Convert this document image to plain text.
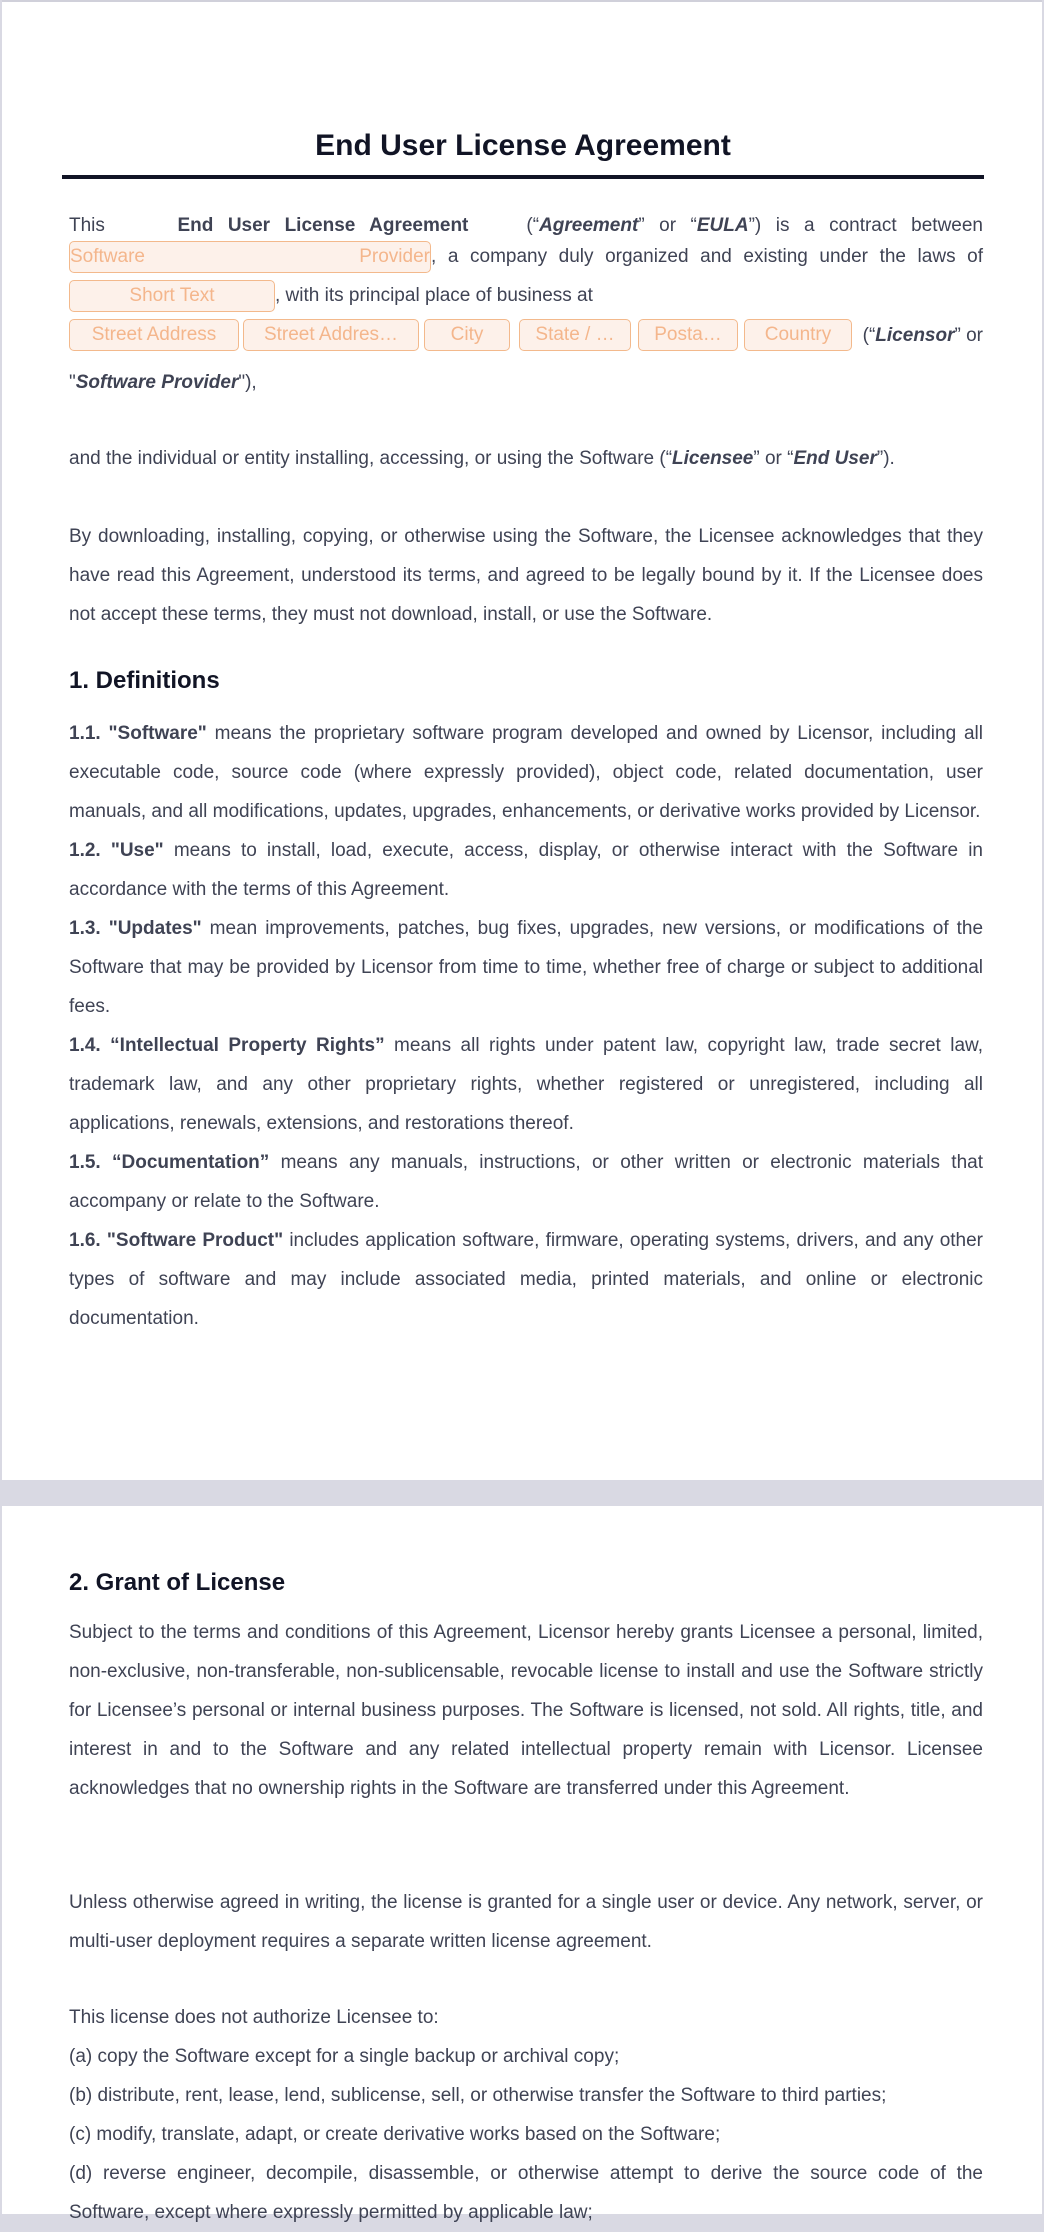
End User License Agreement

This	End User License Agreement	(“Agreement” or “EULA”) is a contract between

Software Provider, a company duly organized and existing under the laws of

Short Text	, with its principal place of business at

Street Address	Street Addres…	City	State / …	Posta…	Country	(“Licensor” or

"Software Provider"),

and the individual or entity installing, accessing, or using the Software (“Licensee” or “End User”).

By downloading, installing, copying, or otherwise using the Software, the Licensee acknowledges that they have read this Agreement, understood its terms, and agreed to be legally bound by it. If the Licensee does not accept these terms, they must not download, install, or use the Software.

1. Definitions

1.1. "Software" means the proprietary software program developed and owned by Licensor, including all executable code, source code (where expressly provided), object code, related documentation, user manuals, and all modifications, updates, upgrades, enhancements, or derivative works provided by Licensor.

1.2. "Use" means to install, load, execute, access, display, or otherwise interact with the Software in accordance with the terms of this Agreement.

1.3. "Updates" mean improvements, patches, bug fixes, upgrades, new versions, or modifications of the Software that may be provided by Licensor from time to time, whether free of charge or subject to additional fees.

1.4. “Intellectual Property Rights” means all rights under patent law, copyright law, trade secret law, trademark law, and any other proprietary rights, whether registered or unregistered, including all applications, renewals, extensions, and restorations thereof.

1.5. “Documentation” means any manuals, instructions, or other written or electronic materials that accompany or relate to the Software.

1.6. "Software Product" includes application software, firmware, operating systems, drivers, and any other types of software and may include associated media, printed materials, and online or electronic documentation.

2. Grant of License

Subject to the terms and conditions of this Agreement, Licensor hereby grants Licensee a personal, limited, non-exclusive, non-transferable, non-sublicensable, revocable license to install and use the Software strictly for Licensee’s personal or internal business purposes. The Software is licensed, not sold. All rights, title, and interest in and to the Software and any related intellectual property remain with Licensor. Licensee acknowledges that no ownership rights in the Software are transferred under this Agreement.

Unless otherwise agreed in writing, the license is granted for a single user or device. Any network, server, or multi-user deployment requires a separate written license agreement.

This license does not authorize Licensee to:

(a) copy the Software except for a single backup or archival copy;

(b) distribute, rent, lease, lend, sublicense, sell, or otherwise transfer the Software to third parties;

(c) modify, translate, adapt, or create derivative works based on the Software;

(d) reverse engineer, decompile, disassemble, or otherwise attempt to derive the source code of the Software, except where expressly permitted by applicable law;
